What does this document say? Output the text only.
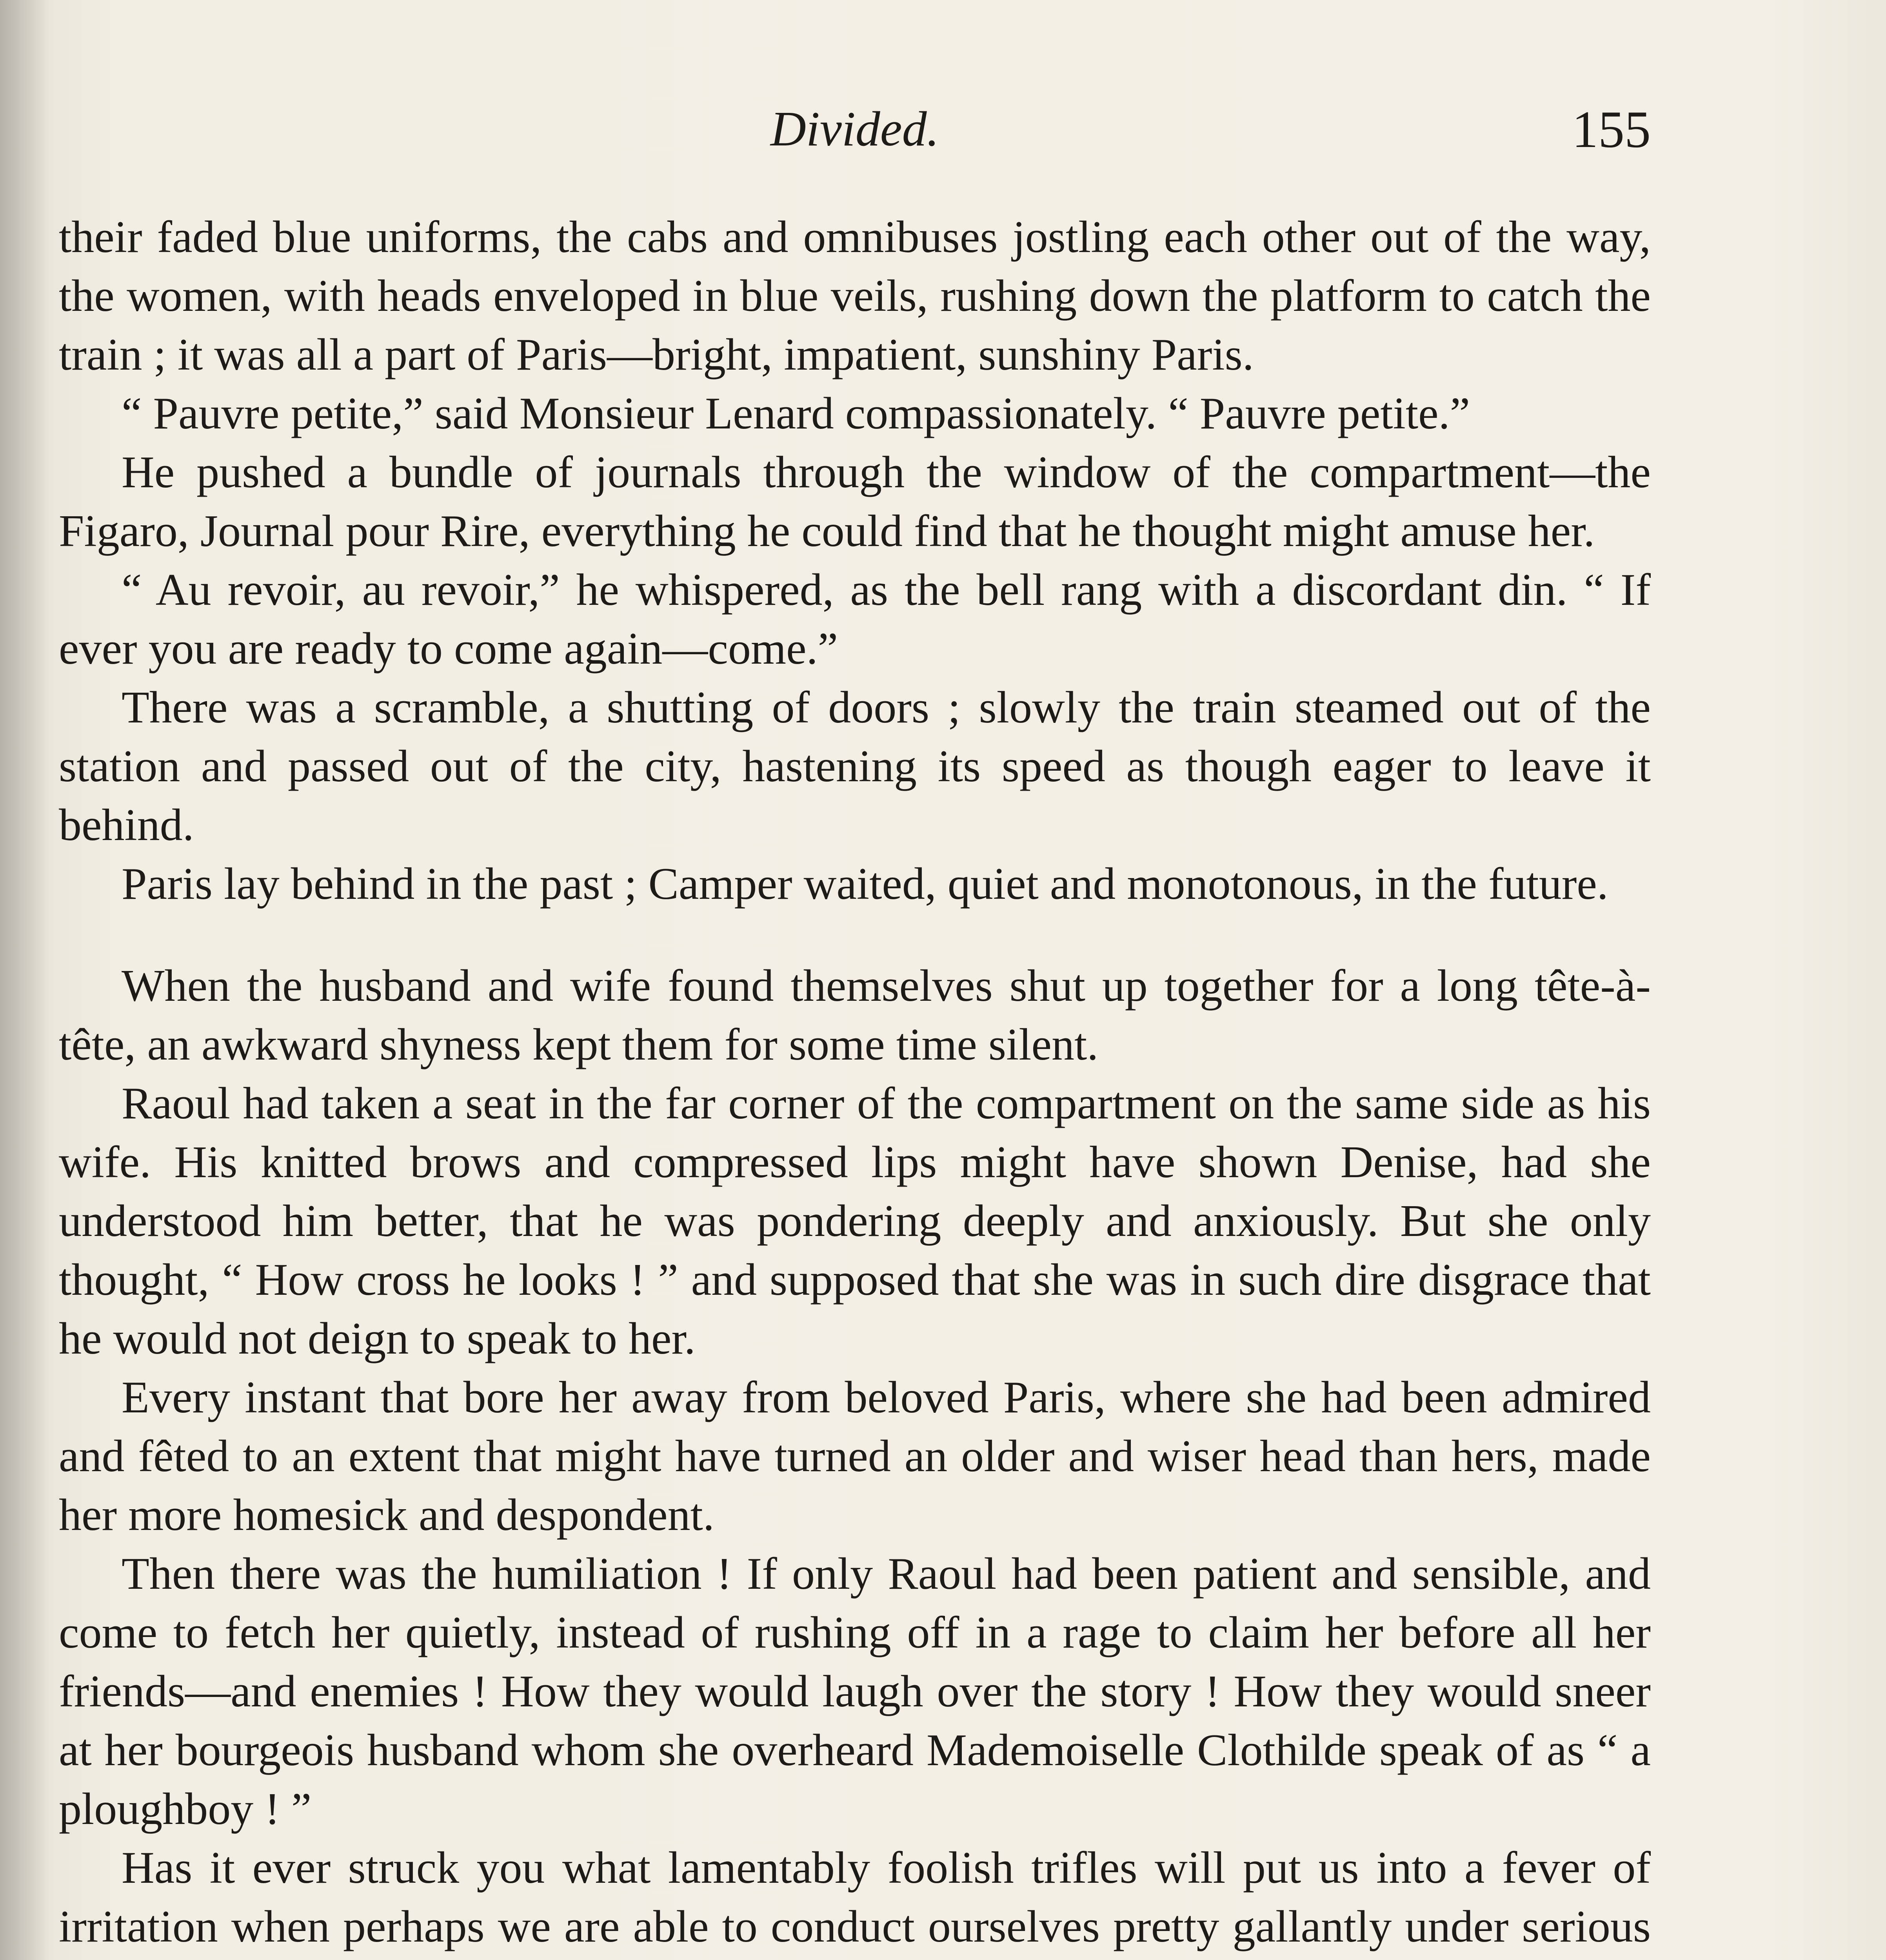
Divided.	155

their faded blue uniforms, the cabs and omnibuses jostling each other out of the way, the women, with heads enveloped in blue veils, rushing down the platform to catch the train ; it was all a part of Paris—bright, impatient, sunshiny Paris.

“ Pauvre petite,” said Monsieur Lenard compassionately. “ Pauvre petite.”

He pushed a bundle of journals through the window of the compartment—the Figaro, Journal pour Rire, everything he could find that he thought might amuse her.

“ Au revoir, au revoir,” he whispered, as the bell rang with a discordant din. “ If ever you are ready to come again—come.”

There was a scramble, a shutting of doors ; slowly the train steamed out of the station and passed out of the city, hastening its speed as though eager to leave it behind.

Paris lay behind in the past ; Camper waited, quiet and monotonous, in the future.

When the husband and wife found themselves shut up together for a long tête-à-tête, an awkward shyness kept them for some time silent.

Raoul had taken a seat in the far corner of the compartment on the same side as his wife. His knitted brows and compressed lips might have shown Denise, had she understood him better, that he was pondering deeply and anxiously. But she only thought, “ How cross he looks ! ” and supposed that she was in such dire disgrace that he would not deign to speak to her.

Every instant that bore her away from beloved Paris, where she had been admired and fêted to an extent that might have turned an older and wiser head than hers, made her more homesick and despondent.

Then there was the humiliation ! If only Raoul had been patient and sensible, and come to fetch her quietly, instead of rushing off in a rage to claim her before all her friends—and enemies ! How they would laugh over the story ! How they would sneer at her bourgeois husband whom she overheard Mademoiselle Clothilde speak of as “ a ploughboy ! ”

Has it ever struck you what lamentably foolish trifles will put us into a fever of irritation when perhaps we are able to conduct ourselves pretty gallantly under serious
